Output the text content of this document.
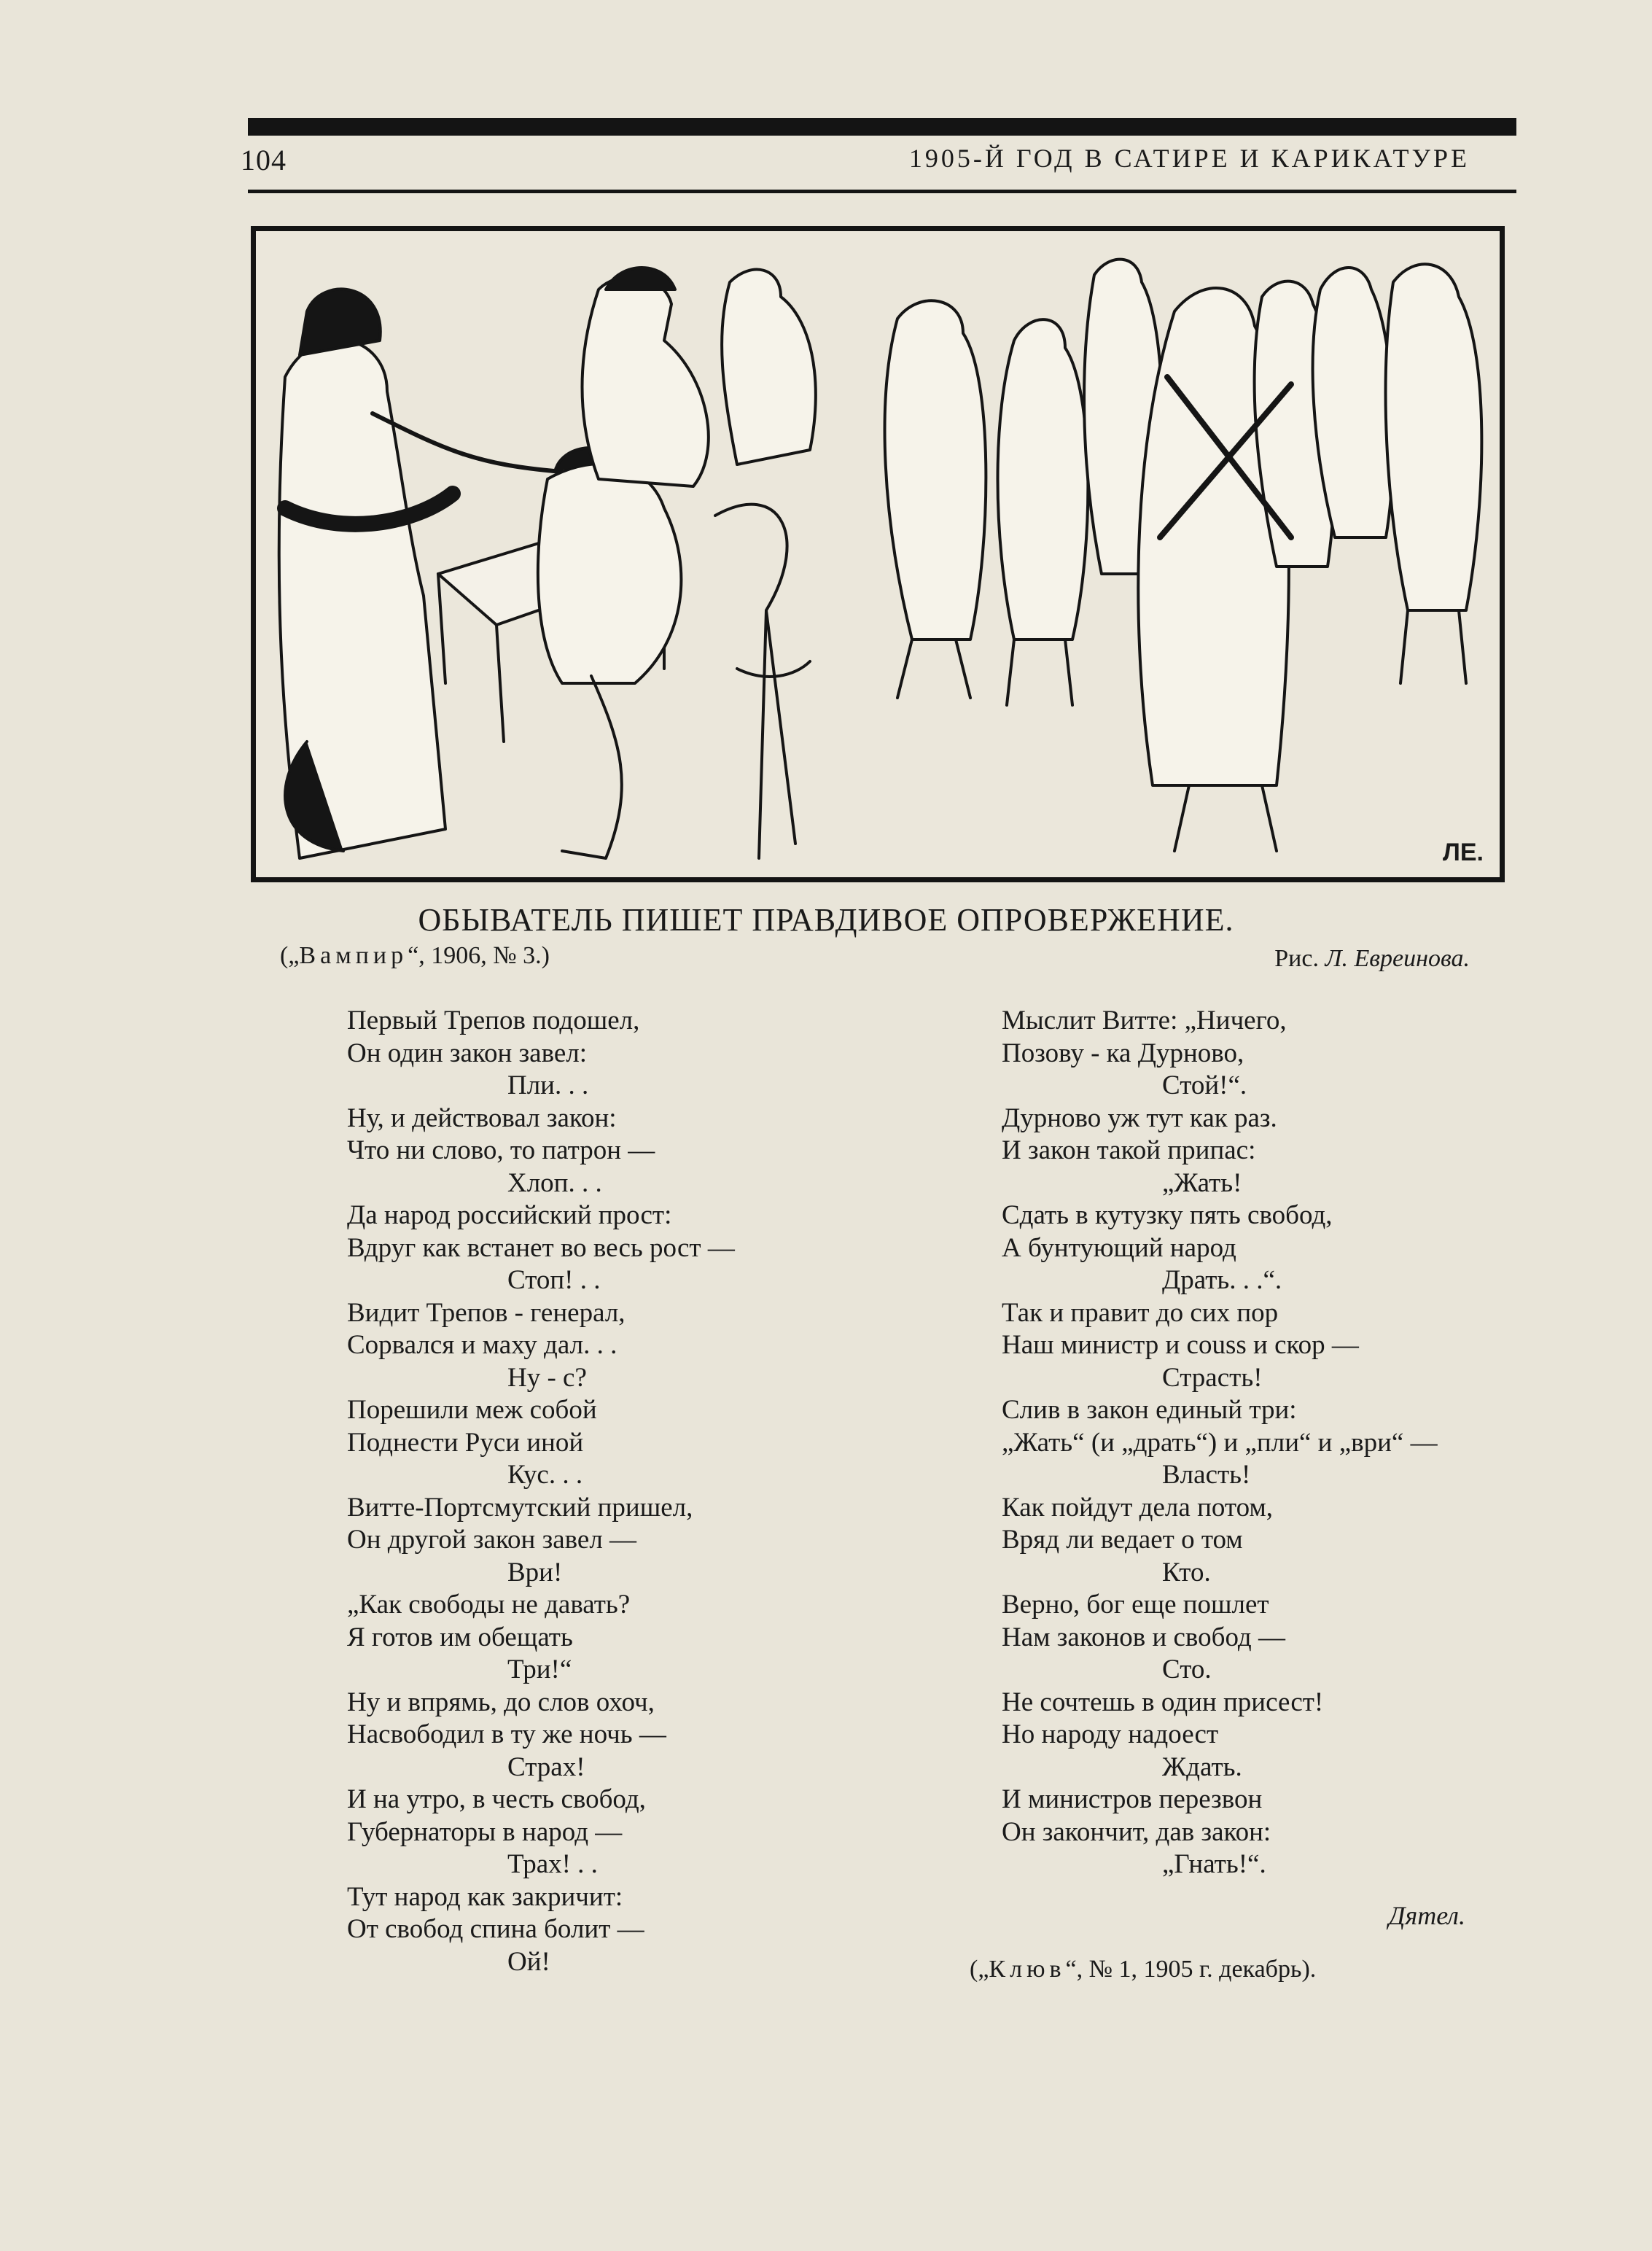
104	1905-Й ГОД В САТИРЕ И КАРИКАТУРЕ
ЛЕ.
ОБЫВАТЕЛЬ ПИШЕТ ПРАВДИВОЕ ОПРОВЕРЖЕНИЕ.
(„Вампир“, 1906, № 3.)	Рис. Л. Евреинова.
Первый Трепов подошел,
Он один закон завел:
Пли. . .
Ну, и действовал закон:
Что ни слово, то патрон —
Хлоп. . .
Да народ российский прост:
Вдруг как встанет во весь рост —
Стоп! . .
Видит Трепов - генерал,
Сорвался и маху дал. . .
Ну - с?
Порешили меж собой
Поднести Руси иной
Кус. . .
Витте-Портсмутский пришел,
Он другой закон завел —
Ври!
„Как свободы не давать?
Я готов им обещать
Три!“
Ну и впрямь, до слов охоч,
Насвободил в ту же ночь —
Страх!
И на утро, в честь свобод,
Губернаторы в народ —
Трах! . .
Тут народ как закричит:
От свобод спина болит —
Ой!
Мыслит Витте: „Ничего,
Позову - ка Дурново,
Стой!“.
Дурново уж тут как раз.
И закон такой припас:
„Жать!
Сдать в кутузку пять свобод,
А бунтующий народ
Драть. . .“.
Так и правит до сих пор
Наш министр и couss и скор —
Страсть!
Слив в закон единый три:
„Жать“ (и „драть“) и „пли“ и „ври“ —
Власть!
Как пойдут дела потом,
Вряд ли ведает о том
Кто.
Верно, бог еще пошлет
Нам законов и свобод —
Сто.
Не сочтешь в один присест!
Но народу надоест
Ждать.
И министров перезвон
Он закончит, дав закон:
„Гнать!“.
Дятел.
(„Клюв“, № 1, 1905 г. декабрь).
